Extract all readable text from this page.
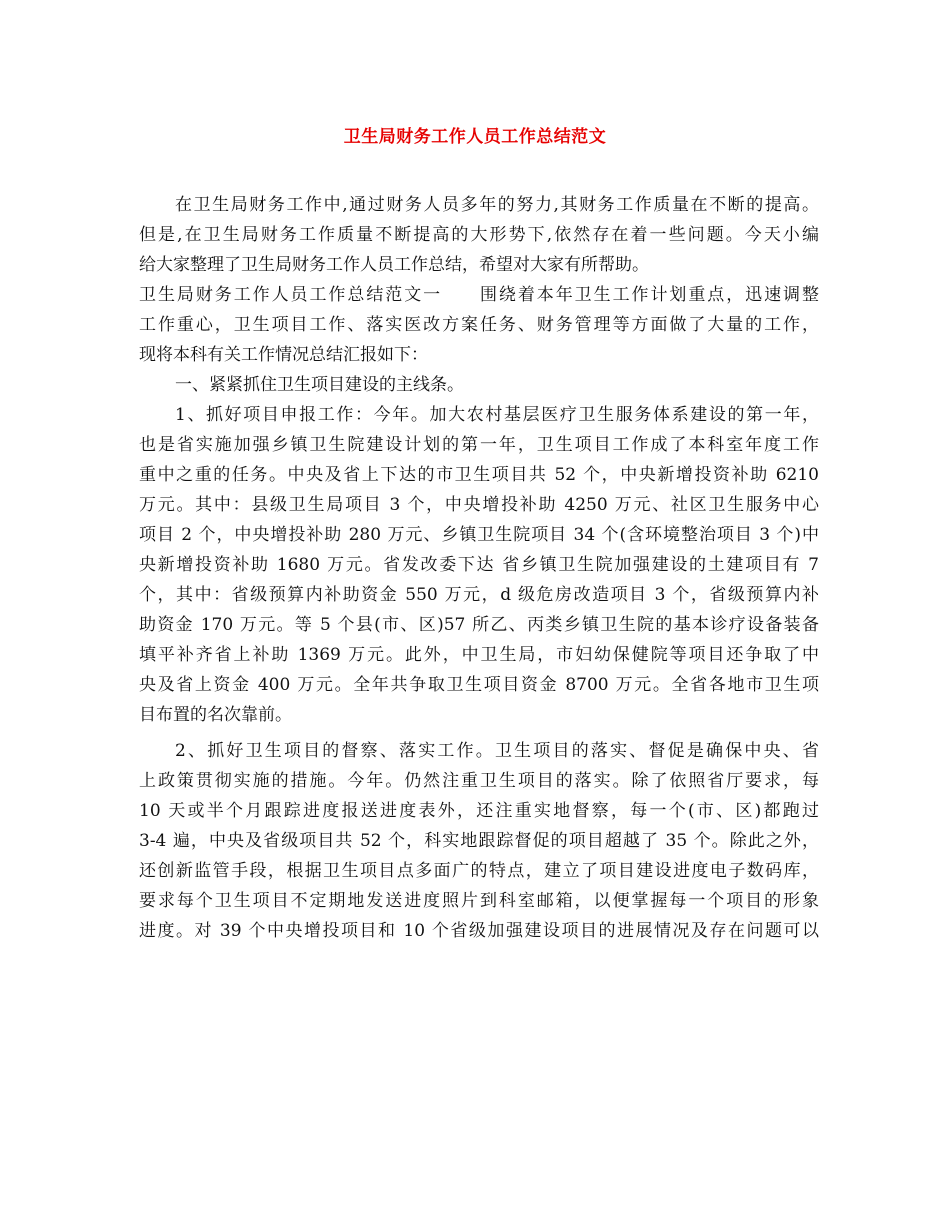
卫生局财务工作人员工作总结范文
在卫生局财务工作中,通过财务人员多年的努力,其财务工作质量在不断的提高。
但是,在卫生局财务工作质量不断提高的大形势下,依然存在着一些问题。今天小编
给大家整理了卫生局财务工作人员工作总结，希望对大家有所帮助。
卫生局财务工作人员工作总结范文一　　围绕着本年卫生工作计划重点，迅速调整
工作重心，卫生项目工作、落实医改方案任务、财务管理等方面做了大量的工作，
现将本科有关工作情况总结汇报如下：
一、紧紧抓住卫生项目建设的主线条。
1、抓好项目申报工作：今年。加大农村基层医疗卫生服务体系建设的第一年，
也是省实施加强乡镇卫生院建设计划的第一年，卫生项目工作成了本科室年度工作
重中之重的任务。中央及省上下达的市卫生项目共 52 个，中央新增投资补助 6210
万元。其中：县级卫生局项目 3 个，中央增投补助 4250 万元、社区卫生服务中心
项目 2 个，中央增投补助 280 万元、乡镇卫生院项目 34 个(含环境整治项目 3 个)中
央新增投资补助 1680 万元。省发改委下达 省乡镇卫生院加强建设的土建项目有 7
个，其中：省级预算内补助资金 550 万元，d 级危房改造项目 3 个，省级预算内补
助资金 170 万元。等 5 个县(市、区)57 所乙、丙类乡镇卫生院的基本诊疗设备装备
填平补齐省上补助 1369 万元。此外，中卫生局，市妇幼保健院等项目还争取了中
央及省上资金 400 万元。全年共争取卫生项目资金 8700 万元。全省各地市卫生项
目布置的名次靠前。
2、抓好卫生项目的督察、落实工作。卫生项目的落实、督促是确保中央、省
上政策贯彻实施的措施。今年。仍然注重卫生项目的落实。除了依照省厅要求，每
10 天或半个月跟踪进度报送进度表外，还注重实地督察，每一个(市、区)都跑过
3-4 遍，中央及省级项目共 52 个，科实地跟踪督促的项目超越了 35 个。除此之外，
还创新监管手段，根据卫生项目点多面广的特点，建立了项目建设进度电子数码库，
要求每个卫生项目不定期地发送进度照片到科室邮箱，以便掌握每一个项目的形象
进度。对 39 个中央增投项目和 10 个省级加强建设项目的进展情况及存在问题可以
